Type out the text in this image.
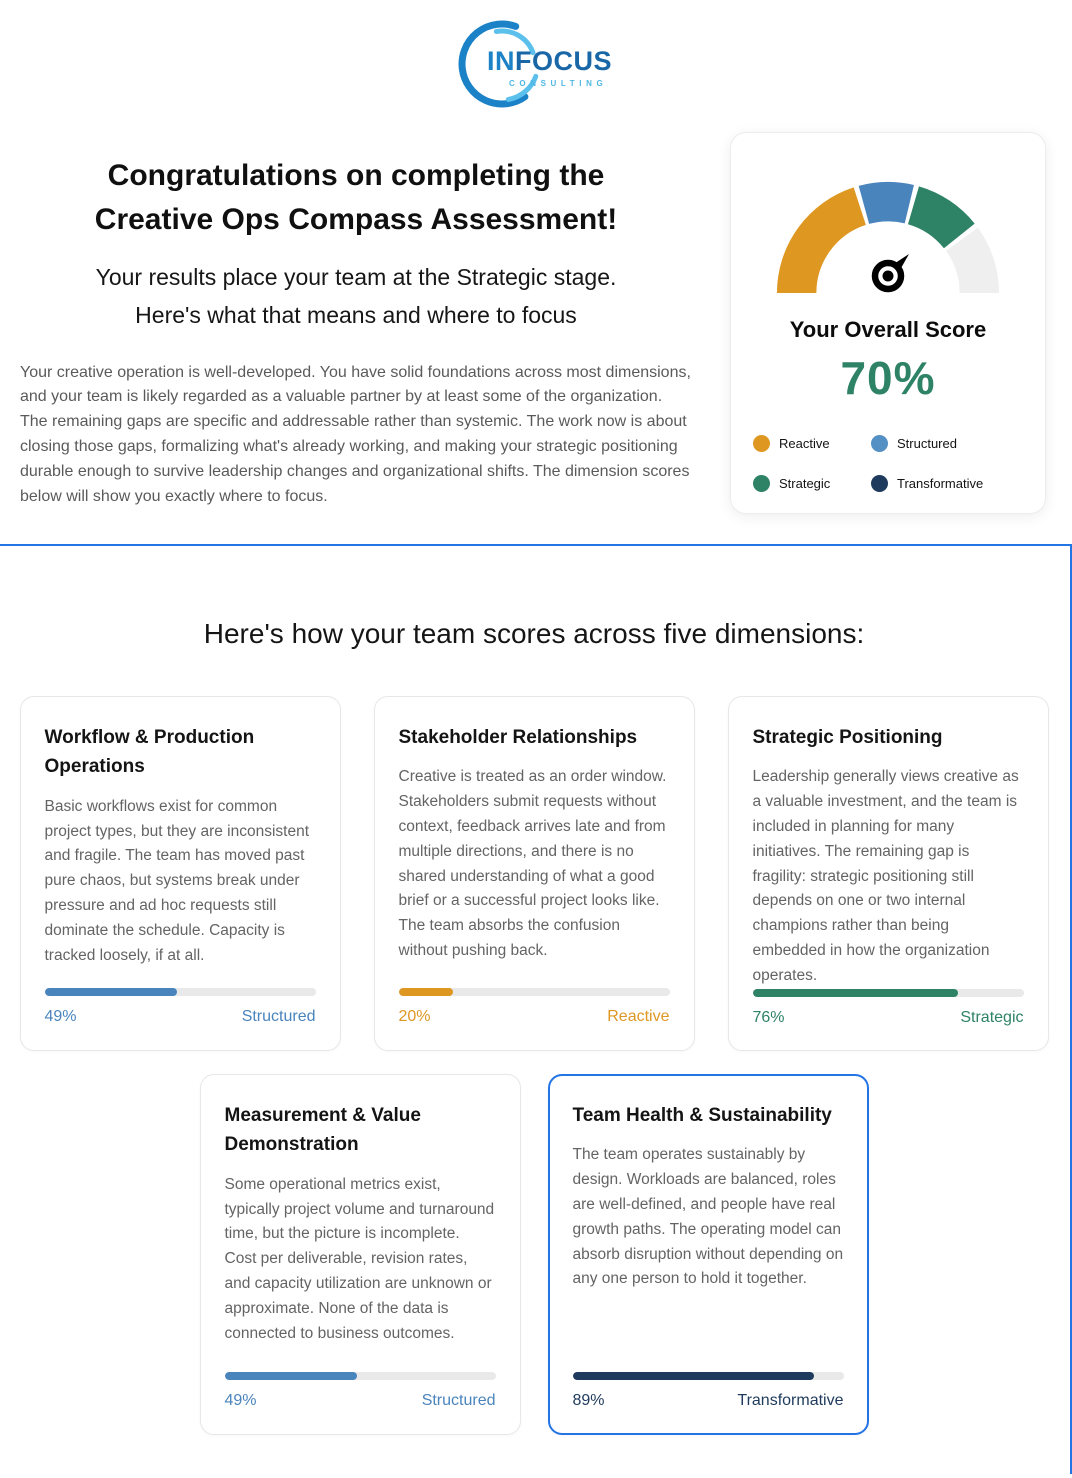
INFOCUS
CONSULTING
Congratulations on completing the
Creative Ops Compass Assessment!
Your results place your team at the Strategic stage.
Here's what that means and where to focus

Your creative operation is well-developed. You have solid foundations across most dimensions, and your team is likely regarded as a valuable partner by at least some of the organization. The remaining gaps are specific and addressable rather than systemic. The work now is about closing those gaps, formalizing what's already working, and making your strategic positioning durable enough to survive leadership changes and organizational shifts. The dimension scores below will show you exactly where to focus.

Your Overall Score
70%
Reactive	Structured
Strategic	Transformative
Here's how your team scores across five dimensions:
Workflow & Production Operations
Basic workflows exist for common project types, but they are inconsistent and fragile. The team has moved past pure chaos, but systems break under pressure and ad hoc requests still dominate the schedule. Capacity is tracked loosely, if at all.
49%	Structured
Stakeholder Relationships
Creative is treated as an order window. Stakeholders submit requests without context, feedback arrives late and from multiple directions, and there is no shared understanding of what a good brief or a successful project looks like. The team absorbs the confusion without pushing back.
20%	Reactive
Strategic Positioning
Leadership generally views creative as a valuable investment, and the team is included in planning for many initiatives. The remaining gap is fragility: strategic positioning still depends on one or two internal champions rather than being embedded in how the organization operates.
76%	Strategic
Measurement & Value Demonstration
Some operational metrics exist, typically project volume and turnaround time, but the picture is incomplete. Cost per deliverable, revision rates, and capacity utilization are unknown or approximate. None of the data is connected to business outcomes.
49%	Structured
Team Health & Sustainability
The team operates sustainably by design. Workloads are balanced, roles are well-defined, and people have real growth paths. The operating model can absorb disruption without depending on any one person to hold it together.
89%	Transformative
